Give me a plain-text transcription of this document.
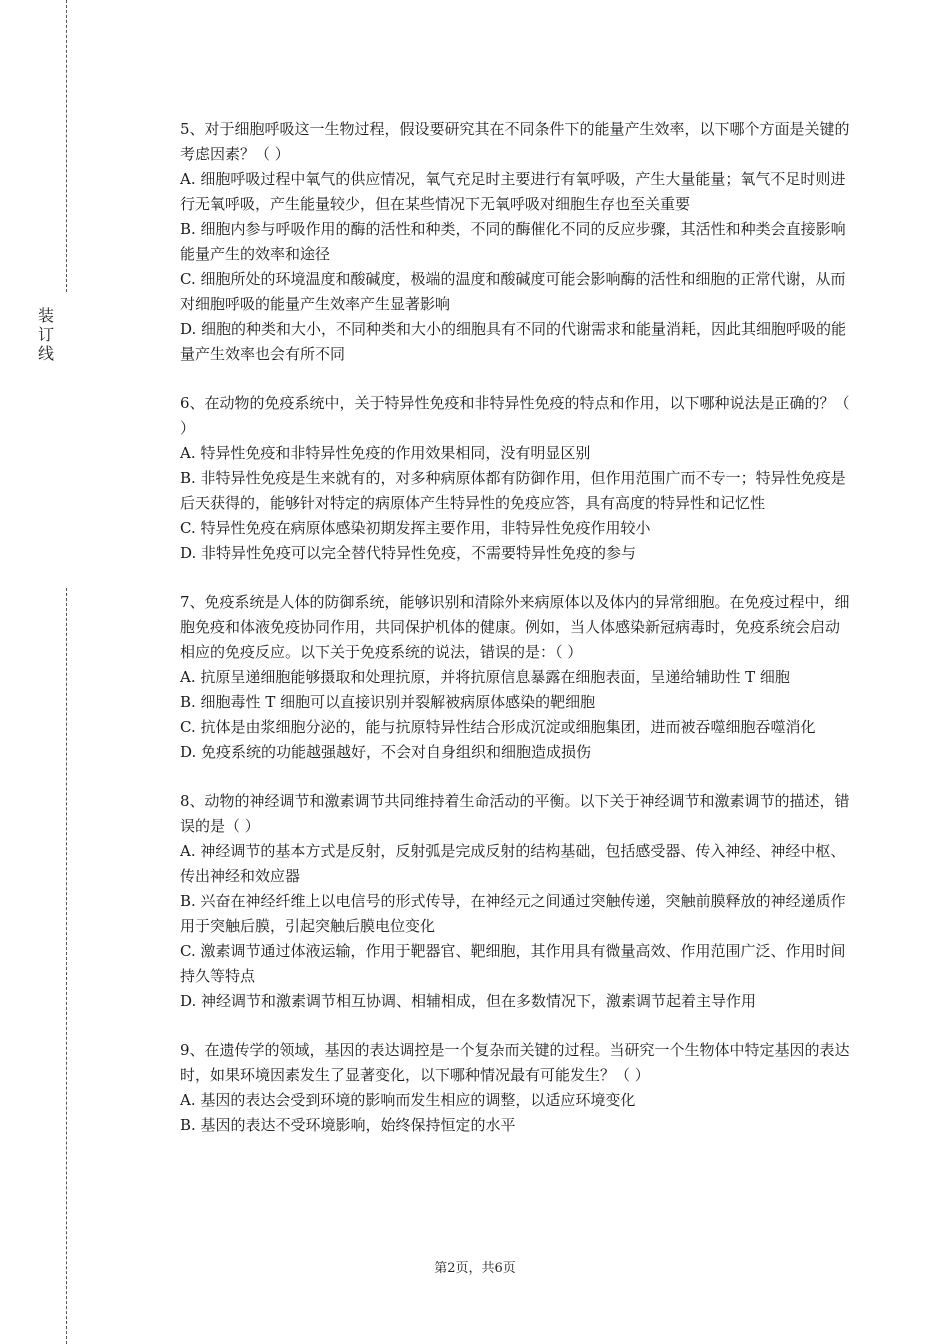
装
订
线

5、对于细胞呼吸这一生物过程，假设要研究其在不同条件下的能量产生效率，以下哪个方面是关键的考虑因素？（ ）

A. 细胞呼吸过程中氧气的供应情况，氧气充足时主要进行有氧呼吸，产生大量能量；氧气不足时则进行无氧呼吸，产生能量较少，但在某些情况下无氧呼吸对细胞生存也至关重要

B. 细胞内参与呼吸作用的酶的活性和种类，不同的酶催化不同的反应步骤，其活性和种类会直接影响能量产生的效率和途径

C. 细胞所处的环境温度和酸碱度，极端的温度和酸碱度可能会影响酶的活性和细胞的正常代谢，从而对细胞呼吸的能量产生效率产生显著影响

D. 细胞的种类和大小，不同种类和大小的细胞具有不同的代谢需求和能量消耗，因此其细胞呼吸的能量产生效率也会有所不同

6、在动物的免疫系统中，关于特异性免疫和非特异性免疫的特点和作用，以下哪种说法是正确的？（ ）

A. 特异性免疫和非特异性免疫的作用效果相同，没有明显区别

B. 非特异性免疫是生来就有的，对多种病原体都有防御作用，但作用范围广而不专一；特异性免疫是后天获得的，能够针对特定的病原体产生特异性的免疫应答，具有高度的特异性和记忆性

C. 特异性免疫在病原体感染初期发挥主要作用，非特异性免疫作用较小

D. 非特异性免疫可以完全替代特异性免疫，不需要特异性免疫的参与

7、免疫系统是人体的防御系统，能够识别和清除外来病原体以及体内的异常细胞。在免疫过程中，细胞免疫和体液免疫协同作用，共同保护机体的健康。例如，当人体感染新冠病毒时，免疫系统会启动相应的免疫反应。以下关于免疫系统的说法，错误的是：（ ）

A. 抗原呈递细胞能够摄取和处理抗原，并将抗原信息暴露在细胞表面，呈递给辅助性 T 细胞

B. 细胞毒性 T 细胞可以直接识别并裂解被病原体感染的靶细胞

C. 抗体是由浆细胞分泌的，能与抗原特异性结合形成沉淀或细胞集团，进而被吞噬细胞吞噬消化

D. 免疫系统的功能越强越好，不会对自身组织和细胞造成损伤

8、动物的神经调节和激素调节共同维持着生命活动的平衡。以下关于神经调节和激素调节的描述，错误的是（ ）

A. 神经调节的基本方式是反射，反射弧是完成反射的结构基础，包括感受器、传入神经、神经中枢、传出神经和效应器

B. 兴奋在神经纤维上以电信号的形式传导，在神经元之间通过突触传递，突触前膜释放的神经递质作用于突触后膜，引起突触后膜电位变化

C. 激素调节通过体液运输，作用于靶器官、靶细胞，其作用具有微量高效、作用范围广泛、作用时间持久等特点

D. 神经调节和激素调节相互协调、相辅相成，但在多数情况下，激素调节起着主导作用

9、在遗传学的领域，基因的表达调控是一个复杂而关键的过程。当研究一个生物体中特定基因的表达时，如果环境因素发生了显著变化，以下哪种情况最有可能发生？（ ）

A. 基因的表达会受到环境的影响而发生相应的调整，以适应环境变化

B. 基因的表达不受环境影响，始终保持恒定的水平

第2页，共6页
